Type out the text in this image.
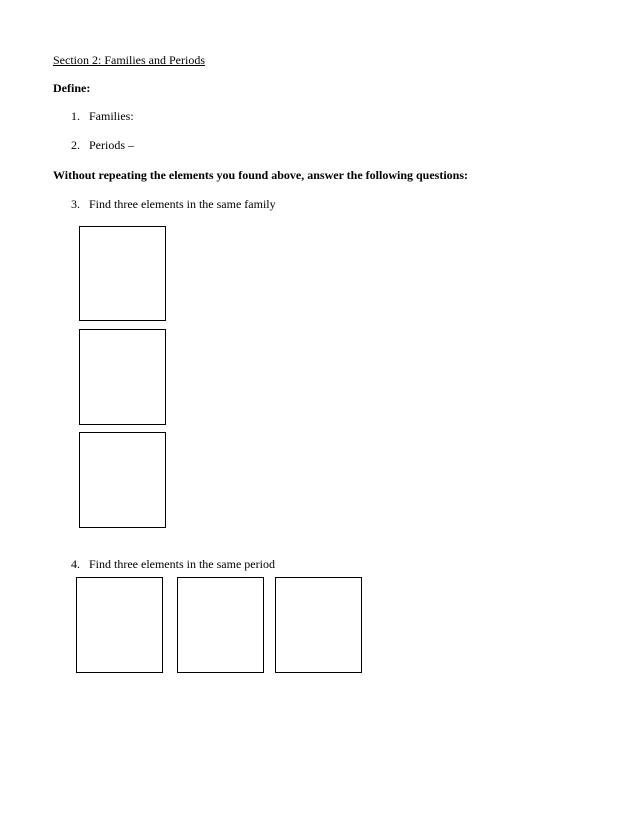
Section 2: Families and Periods
Define:
1. Families:
2. Periods –
Without repeating the elements you found above, answer the following questions:
3. Find three elements in the same family
4. Find three elements in the same period
